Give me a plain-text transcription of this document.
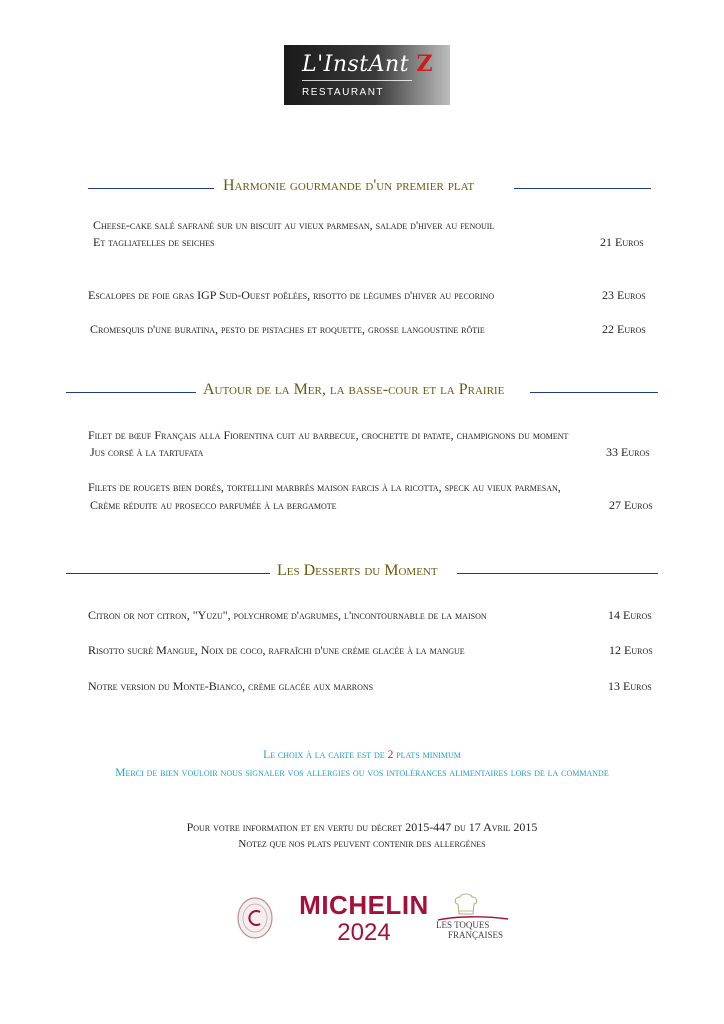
L'InstAnt Z
RESTAURANT
Harmonie gourmande d'un premier plat
Cheese-cake salé safrané sur un biscuit au vieux parmesan, salade d'hiver au fenouil
Et tagliatelles de seiches	21 Euros
Escalopes de foie gras IGP Sud-Ouest poêlées, risotto de légumes d'hiver au pecorino	23 Euros
Cromesquis d'une buratina, pesto de pistaches et roquette, grosse langoustine rôtie	22 Euros
Autour de la Mer, la basse-cour et la Prairie
Filet de bœuf Français alla Fiorentina cuit au barbecue, crochette di patate, champignons du moment
Jus corsé à la tartufata	33 Euros
Filets de rougets bien dorés, tortellini marbrés maison farcis à la ricotta, speck au vieux parmesan,
Crème réduite au prosecco parfumée à la bergamote	27 Euros
Les Desserts du Moment
Citron or not citron, "Yuzu", polychrome d'agrumes, l'incontournable de la maison	14 Euros
Risotto sucré Mangue, Noix de coco, rafraîchi d'une crème glacée à la mangue	12 Euros
Notre version du Monte-Bianco, crème glacée aux marrons	13 Euros
Le choix à la carte est de 2 plats minimum
Merci de bien vouloir nous signaler vos allergies ou vos intolérances alimentaires lors de la commande
Pour votre information et en vertu du décret 2015-447 du 17 Avril 2015
Notez que nos plats peuvent contenir des allergènes
MICHELIN
2024	LES TOQUES
FRANÇAISES
